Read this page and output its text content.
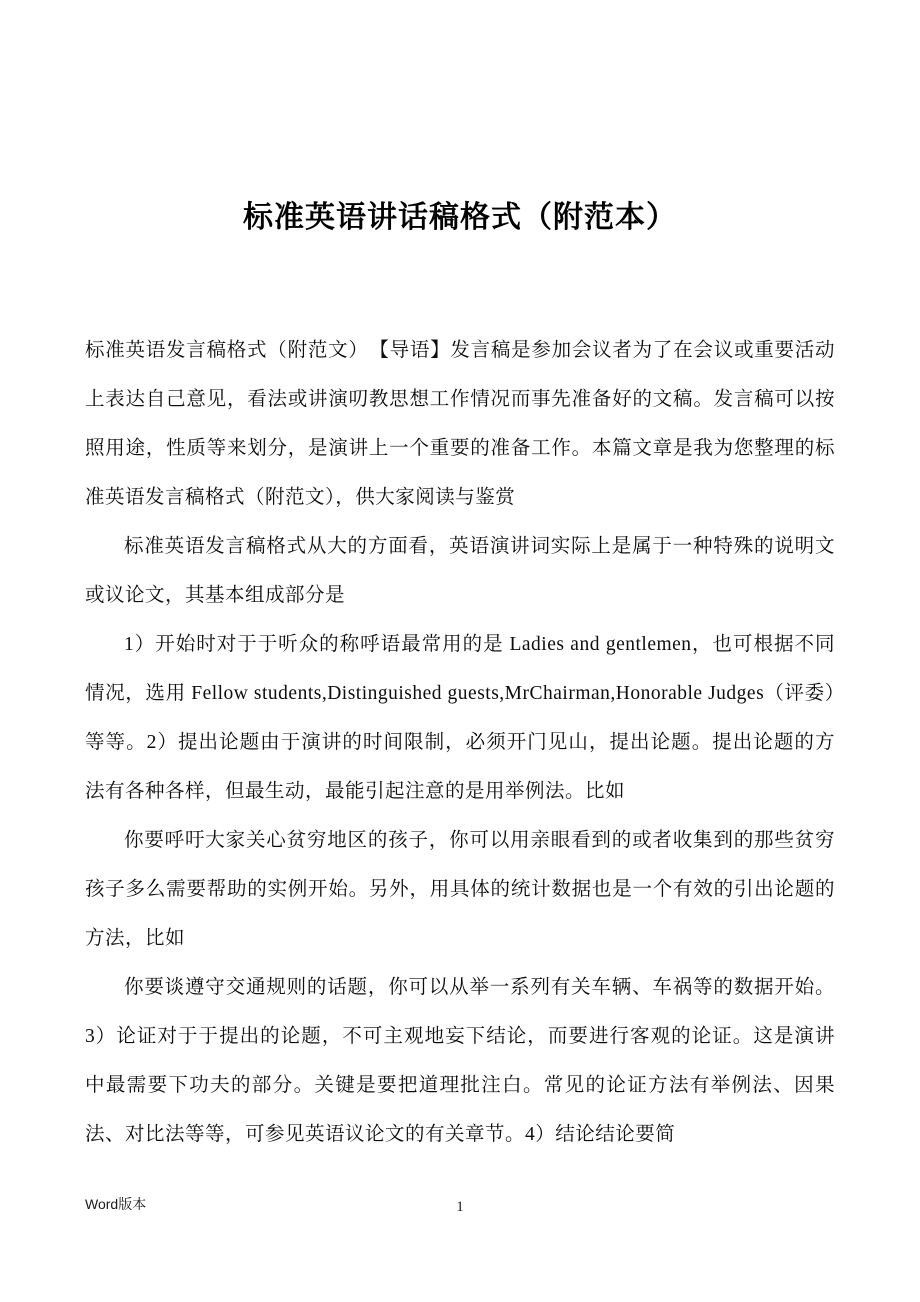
标准英语讲话稿格式（附范本）

标准英语发言稿格式（附范文）　【导语】发言稿是参加会议者为了在会议或重要活动上表达自己意见，看法或讲演叨教思想工作情况而事先准备好的文稿。发言稿可以按照用途，性质等来划分，是演讲上一个重要的准备工作。本篇文章是我为您整理的标准英语发言稿格式（附范文），供大家阅读与鉴赏

标准英语发言稿格式从大的方面看，英语演讲词实际上是属于一种特殊的说明文或议论文，其基本组成部分是

1）开始时对于于听众的称呼语最常用的是 Ladies and gentlemen，也可根据不同情况，选用 Fellow students,Distinguished guests,MrChairman,Honorable Judges（评委）等等。2）提出论题由于演讲的时间限制，必须开门见山，提出论题。提出论题的方法有各种各样，但最生动，最能引起注意的是用举例法。比如

你要呼吁大家关心贫穷地区的孩子，你可以用亲眼看到的或者收集到的那些贫穷孩子多么需要帮助的实例开始。另外，用具体的统计数据也是一个有效的引出论题的方法，比如

你要谈遵守交通规则的话题，你可以从举一系列有关车辆、车祸等的数据开始。3）论证对于于提出的论题，不可主观地妄下结论，而要进行客观的论证。这是演讲中最需要下功夫的部分。关键是要把道理批注白。常见的论证方法有举例法、因果法、对比法等等，可参见英语议论文的有关章节。4）结论结论要简

Word版本	1
